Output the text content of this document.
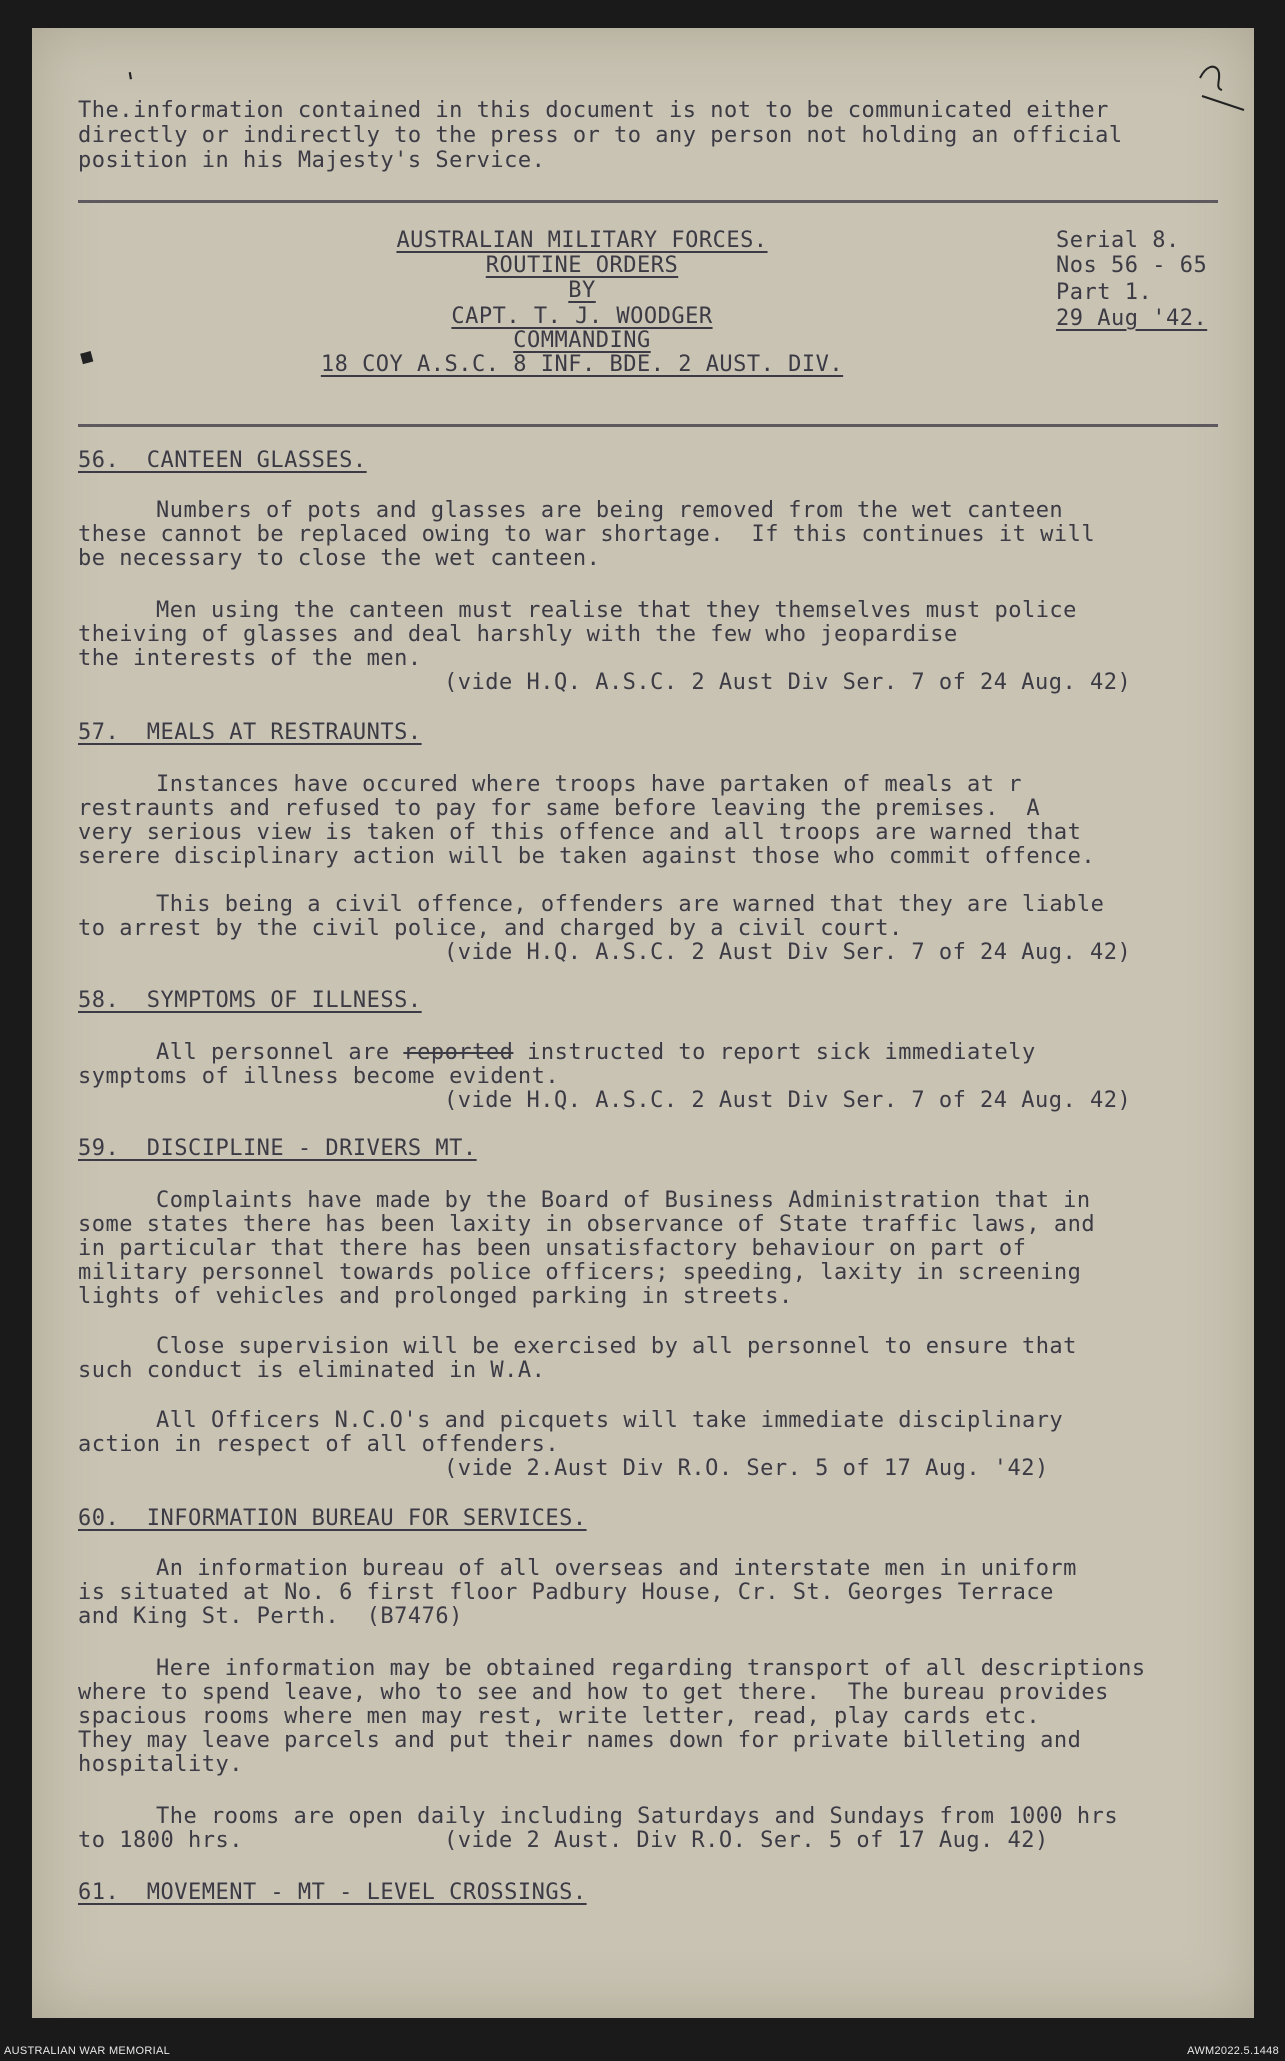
'
◆
The.information contained in this document is not to be communicated either
directly or indirectly to the press or to any person not holding an official
position in his Majesty's Service.
AUSTRALIAN MILITARY FORCES.
ROUTINE ORDERS
BY
CAPT. T. J. WOODGER
COMMANDING
18 COY A.S.C. 8 INF. BDE. 2 AUST. DIV.
Serial 8.
Nos 56 - 65
Part 1.
29 Aug '42.
56.  CANTEEN GLASSES.
Numbers of pots and glasses are being removed from the wet canteen
these cannot be replaced owing to war shortage.  If this continues it will
be necessary to close the wet canteen.
Men using the canteen must realise that they themselves must police
theiving of glasses and deal harshly with the few who jeopardise
the interests of the men.
(vide H.Q. A.S.C. 2 Aust Div Ser. 7 of 24 Aug. 42)
57.  MEALS AT RESTRAUNTS.
Instances have occured where troops have partaken of meals at r
restraunts and refused to pay for same before leaving the premises.  A
very serious view is taken of this offence and all troops are warned that
serere disciplinary action will be taken against those who commit offence.
This being a civil offence, offenders are warned that they are liable
to arrest by the civil police, and charged by a civil court.
(vide H.Q. A.S.C. 2 Aust Div Ser. 7 of 24 Aug. 42)
58.  SYMPTOMS OF ILLNESS.
All personnel are reported instructed to report sick immediately
symptoms of illness become evident.
(vide H.Q. A.S.C. 2 Aust Div Ser. 7 of 24 Aug. 42)
59.  DISCIPLINE - DRIVERS MT.
Complaints have made by the Board of Business Administration that in
some states there has been laxity in observance of State traffic laws, and
in particular that there has been unsatisfactory behaviour on part of
military personnel towards police officers; speeding, laxity in screening
lights of vehicles and prolonged parking in streets.
Close supervision will be exercised by all personnel to ensure that
such conduct is eliminated in W.A.
All Officers N.C.O's and picquets will take immediate disciplinary
action in respect of all offenders.
(vide 2.Aust Div R.O. Ser. 5 of 17 Aug. '42)
60.  INFORMATION BUREAU FOR SERVICES.
An information bureau of all overseas and interstate men in uniform
is situated at No. 6 first floor Padbury House, Cr. St. Georges Terrace
and King St. Perth.  (B7476)
Here information may be obtained regarding transport of all descriptions
where to spend leave, who to see and how to get there.  The bureau provides
spacious rooms where men may rest, write letter, read, play cards etc.
They may leave parcels and put their names down for private billeting and
hospitality.
The rooms are open daily including Saturdays and Sundays from 1000 hrs
to 1800 hrs.	(vide 2 Aust. Div R.O. Ser. 5 of 17 Aug. 42)
61.  MOVEMENT - MT - LEVEL CROSSINGS.
AUSTRALIAN WAR MEMORIAL	AWM2022.5.1448
